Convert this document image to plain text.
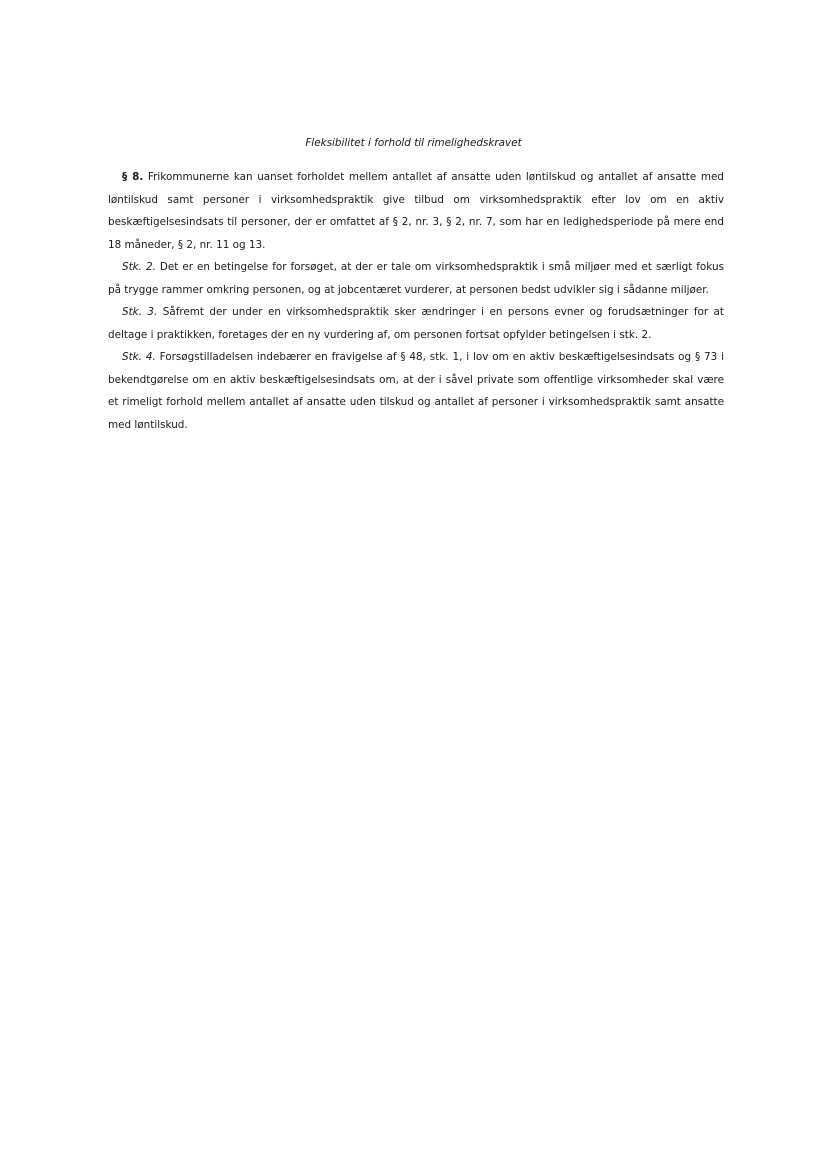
Fleksibilitet i forhold til rimelighedskravet

§ 8. Frikommunerne kan uanset forholdet mellem antallet af ansatte uden løntilskud og antallet af ansatte med løntilskud samt personer i virksomhedspraktik give tilbud om virksomhedspraktik efter lov om en aktiv beskæftigelsesindsats til personer, der er omfattet af § 2, nr. 3, § 2, nr. 7, som har en ledighedsperiode på mere end 18 måneder, § 2, nr. 11 og 13.

Stk. 2. Det er en betingelse for forsøget, at der er tale om virksomhedspraktik i små miljøer med et særligt fokus på trygge rammer omkring personen, og at jobcentæret vurderer, at personen bedst udvikler sig i sådanne miljøer.

Stk. 3. Såfremt der under en virksomhedspraktik sker ændringer i en persons evner og forudsætninger for at deltage i praktikken, foretages der en ny vurdering af, om personen fortsat opfylder betingelsen i stk. 2.

Stk. 4. Forsøgstilladelsen indebærer en fravigelse af § 48, stk. 1, i lov om en aktiv beskæftigelsesindsats og § 73 i bekendtgørelse om en aktiv beskæftigelsesindsats om, at der i såvel private som offentlige virksomheder skal være et rimeligt forhold mellem antallet af ansatte uden tilskud og antallet af personer i virksomhedspraktik samt ansatte med løntilskud.
